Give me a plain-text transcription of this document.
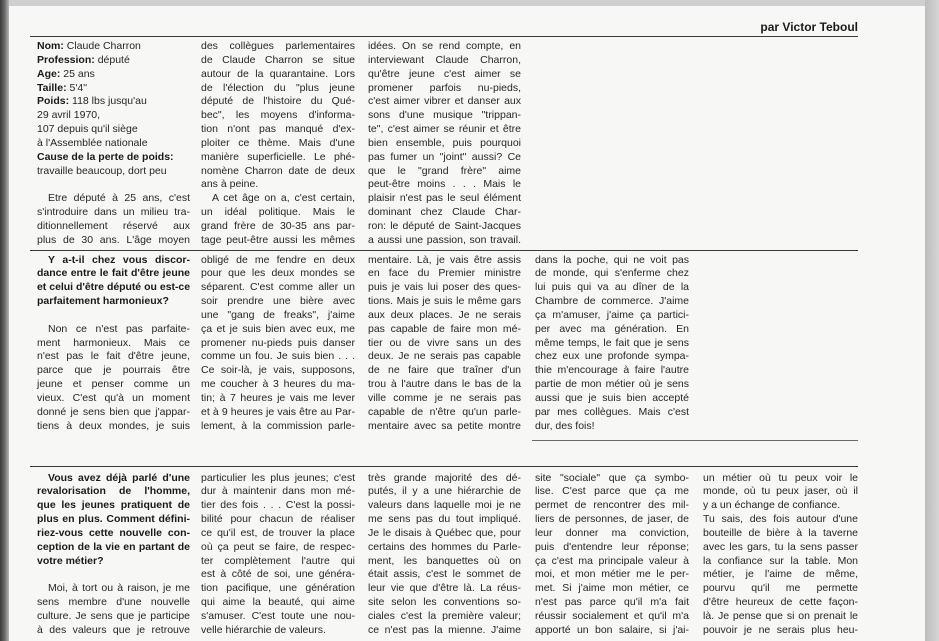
par Victor Teboul
Nom: Claude Charron
Profession: député
Age: 25 ans
Taille: 5'4''
Poids: 118 lbs jusqu'au
29 avril 1970,
107 depuis qu'il siège
à l'Assemblée nationale
Cause de la perte de poids:
travaille beaucoup, dort peu
Etre député à 25 ans, c'est
s'introduire dans un milieu tra-
ditionnellement réservé aux
plus de 30 ans. L'âge moyen
des collègues parlementaires
de Claude Charron se situe
autour de la quarantaine. Lors
de l'élection du "plus jeune
député de l'histoire du Qué-
bec", les moyens d'informa-
tion n'ont pas manqué d'ex-
ploiter ce thème. Mais d'une
manière superficielle. Le phé-
nomène Charron date de deux
ans à peine.
A cet âge on a, c'est certain,
un idéal politique. Mais le
grand frère de 30-35 ans par-
tage peut-être aussi les mêmes
idées. On se rend compte, en
interviewant Claude Charron,
qu'être jeune c'est aimer se
promener parfois nu-pieds,
c'est aimer vibrer et danser aux
sons d'une musique "trippan-
te", c'est aimer se réunir et être
bien ensemble, puis pourquoi
pas fumer un "joint" aussi? Ce
que le "grand frère" aime
peut-être moins . . . Mais le
plaisir n'est pas le seul élément
dominant chez Claude Char-
ron: le député de Saint-Jacques
a aussi une passion, son travail.
Y a-t-il chez vous discor-
dance entre le fait d'être jeune
et celui d'être député ou est-ce
parfaitement harmonieux?
Non ce n'est pas parfaite-
ment harmonieux. Mais ce
n'est pas le fait d'être jeune,
parce que je pourrais être
jeune et penser comme un
vieux. C'est qu'à un moment
donné je sens bien que j'appar-
tiens à deux mondes, je suis
obligé de me fendre en deux
pour que les deux mondes se
séparent. C'est comme aller un
soir prendre une bière avec
une "gang de freaks", j'aime
ça et je suis bien avec eux, me
promener nu-pieds puis danser
comme un fou. Je suis bien . . .
Ce soir-là, je vais, supposons,
me coucher à 3 heures du ma-
tin; à 7 heures je vais me lever
et à 9 heures je vais être au Par-
lement, à la commission parle-
mentaire. Là, je vais être assis
en face du Premier ministre
puis je vais lui poser des ques-
tions. Mais je suis le même gars
aux deux places. Je ne serais
pas capable de faire mon mé-
tier ou de vivre sans un des
deux. Je ne serais pas capable
de ne faire que traîner d'un
trou à l'autre dans le bas de la
ville comme je ne serais pas
capable de n'être qu'un parle-
mentaire avec sa petite montre
dans la poche, qui ne voit pas
de monde, qui s'enferme chez
lui puis qui va au dîner de la
Chambre de commerce. J'aime
ça m'amuser, j'aime ça partici-
per avec ma génération. En
même temps, le fait que je sens
chez eux une profonde sympa-
thie m'encourage à faire l'autre
partie de mon métier où je sens
aussi que je suis bien accepté
par mes collègues. Mais c'est
dur, des fois!
Vous avez déjà parlé d'une
revalorisation de l'homme,
que les jeunes pratiquent de
plus en plus. Comment défini-
riez-vous cette nouvelle con-
ception de la vie en partant de
votre métier?
Moi, à tort ou à raison, je me
sens membre d'une nouvelle
culture. Je sens que je participe
à des valeurs que je retrouve
particulier les plus jeunes; c'est
dur à maintenir dans mon mé-
tier des fois . . . C'est la possi-
bilité pour chacun de réaliser
ce qu'il est, de trouver la place
où ça peut se faire, de respec-
ter complètement l'autre qui
est à côté de soi, une généra-
tion pacifique, une génération
qui aime la beauté, qui aime
s'amuser. C'est toute une nou-
velle hiérarchie de valeurs.
très grande majorité des dé-
putés, il y a une hiérarchie de
valeurs dans laquelle moi je ne
me sens pas du tout impliqué.
Je le disais à Québec que, pour
certains des hommes du Parle-
ment, les banquettes où on
était assis, c'est le sommet de
leur vie que d'être là. La réus-
site selon les conventions so-
ciales c'est la première valeur;
ce n'est pas la mienne. J'aime
site "sociale" que ça symbo-
lise. C'est parce que ça me
permet de rencontrer des mil-
liers de personnes, de jaser, de
leur donner ma conviction,
puis d'entendre leur réponse;
ça c'est ma principale valeur à
moi, et mon métier me le per-
met. Si j'aime mon métier, ce
n'est pas parce qu'il m'a fait
réussir socialement et qu'il m'a
apporté un bon salaire, si j'ai-
un métier où tu peux voir le
monde, où tu peux jaser, où il
y a un échange de confiance.
Tu sais, des fois autour d'une
bouteille de bière à la taverne
avec les gars, tu la sens passer
la confiance sur la table. Mon
métier, je l'aime de même,
pourvu qu'il me permette
d'être heureux de cette façon-
là. Je pense que si on prenait le
pouvoir je ne serais plus heu-
